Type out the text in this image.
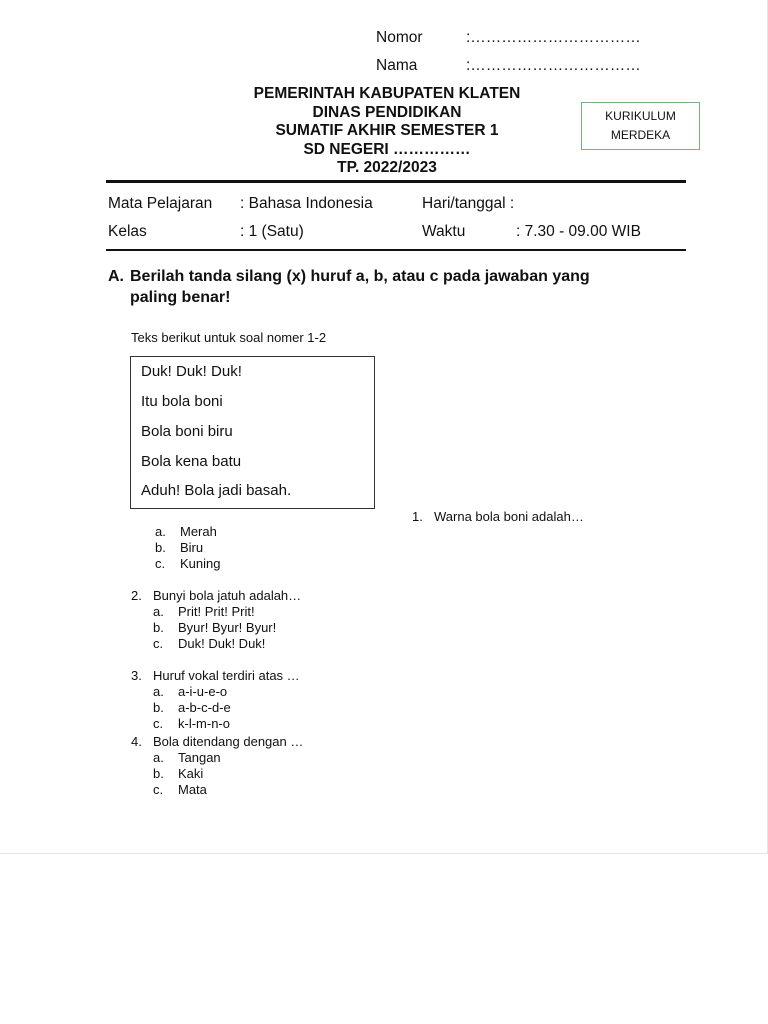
Nomor	:……………………………
Nama	:……………………………
PEMERINTAH KABUPATEN KLATEN
DINAS PENDIDIKAN
SUMATIF AKHIR SEMESTER 1
SD NEGERI ……………
TP. 2022/2023
KURIKULUM
MERDEKA
Mata Pelajaran : Bahasa Indonesia	Hari/tanggal :
Kelas	: 1 (Satu)	Waktu	: 7.30 - 09.00 WIB
A. Berilah tanda silang (x) huruf a, b, atau c pada jawaban yang
paling benar!
Teks berikut untuk soal nomer 1-2
Duk! Duk! Duk!
Itu bola boni
Bola boni biru
Bola kena batu
Aduh! Bola jadi basah.
1. Warna bola boni adalah…
a. Merah
b. Biru
c. Kuning
2. Bunyi bola jatuh adalah…
a. Prit! Prit! Prit!
b. Byur! Byur! Byur!
c. Duk! Duk! Duk!
3. Huruf vokal terdiri atas …
a. a-i-u-e-o
b. a-b-c-d-e
c. k-l-m-n-o
4. Bola ditendang dengan …
a. Tangan
b. Kaki
c. Mata
